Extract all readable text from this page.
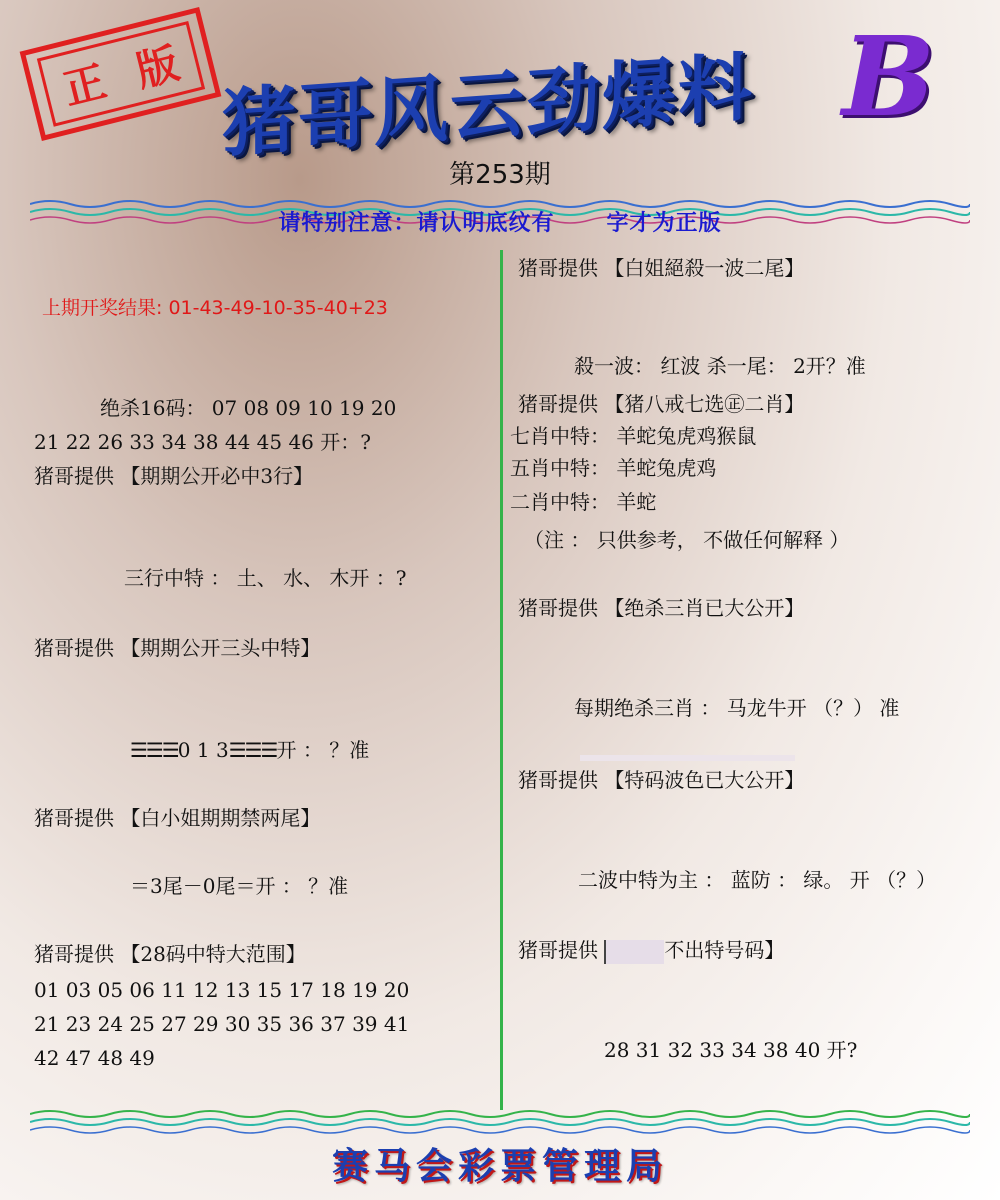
正 版 猪哥风云劲爆料 B
第253期
请特别注意：请认明底纹有 字才为正版
上期开奖结果: 01-43-49-10-35-40+23
绝杀16码： 07 08 09 10 19 20
21 22 26 33 34 38 44 45 46 开：?
猪哥提供 【期期公开必中3行】
三行中特 ： 土、 水、 木开 ：?
猪哥提供 【期期公开三头中特】
☰☰☰0 1 3☰☰☰开 ： ？准
猪哥提供 【白小姐期期禁两尾】
＝3尾－0尾＝开 ： ？准
猪哥提供 【28码中特大范围】
01 03 05 06 11 12 13 15 17 18 19 20
21 23 24 25 27 29 30 35 36 37 39 41
42 47 48 49
猪哥提供 【白姐絕殺一波二尾】
殺一波： 红波 杀一尾： 2开？准
猪哥提供 【猪八戒七选㊣二肖】
七肖中特： 羊蛇兔虎鸡猴鼠
五肖中特： 羊蛇兔虎鸡
二肖中特： 羊蛇
（注 ： 只供参考， 不做任何解释 ）
猪哥提供 【绝杀三肖已大公开】
每期绝杀三肖 ： 马龙牛开 （？） 准
猪哥提供 【特码波色已大公开】
二波中特为主 ： 蓝防 ： 绿。 开 （？）
猪哥提供	不出特号码】
28 31 32 33 34 38 40 开?
赛马会彩票管理局
